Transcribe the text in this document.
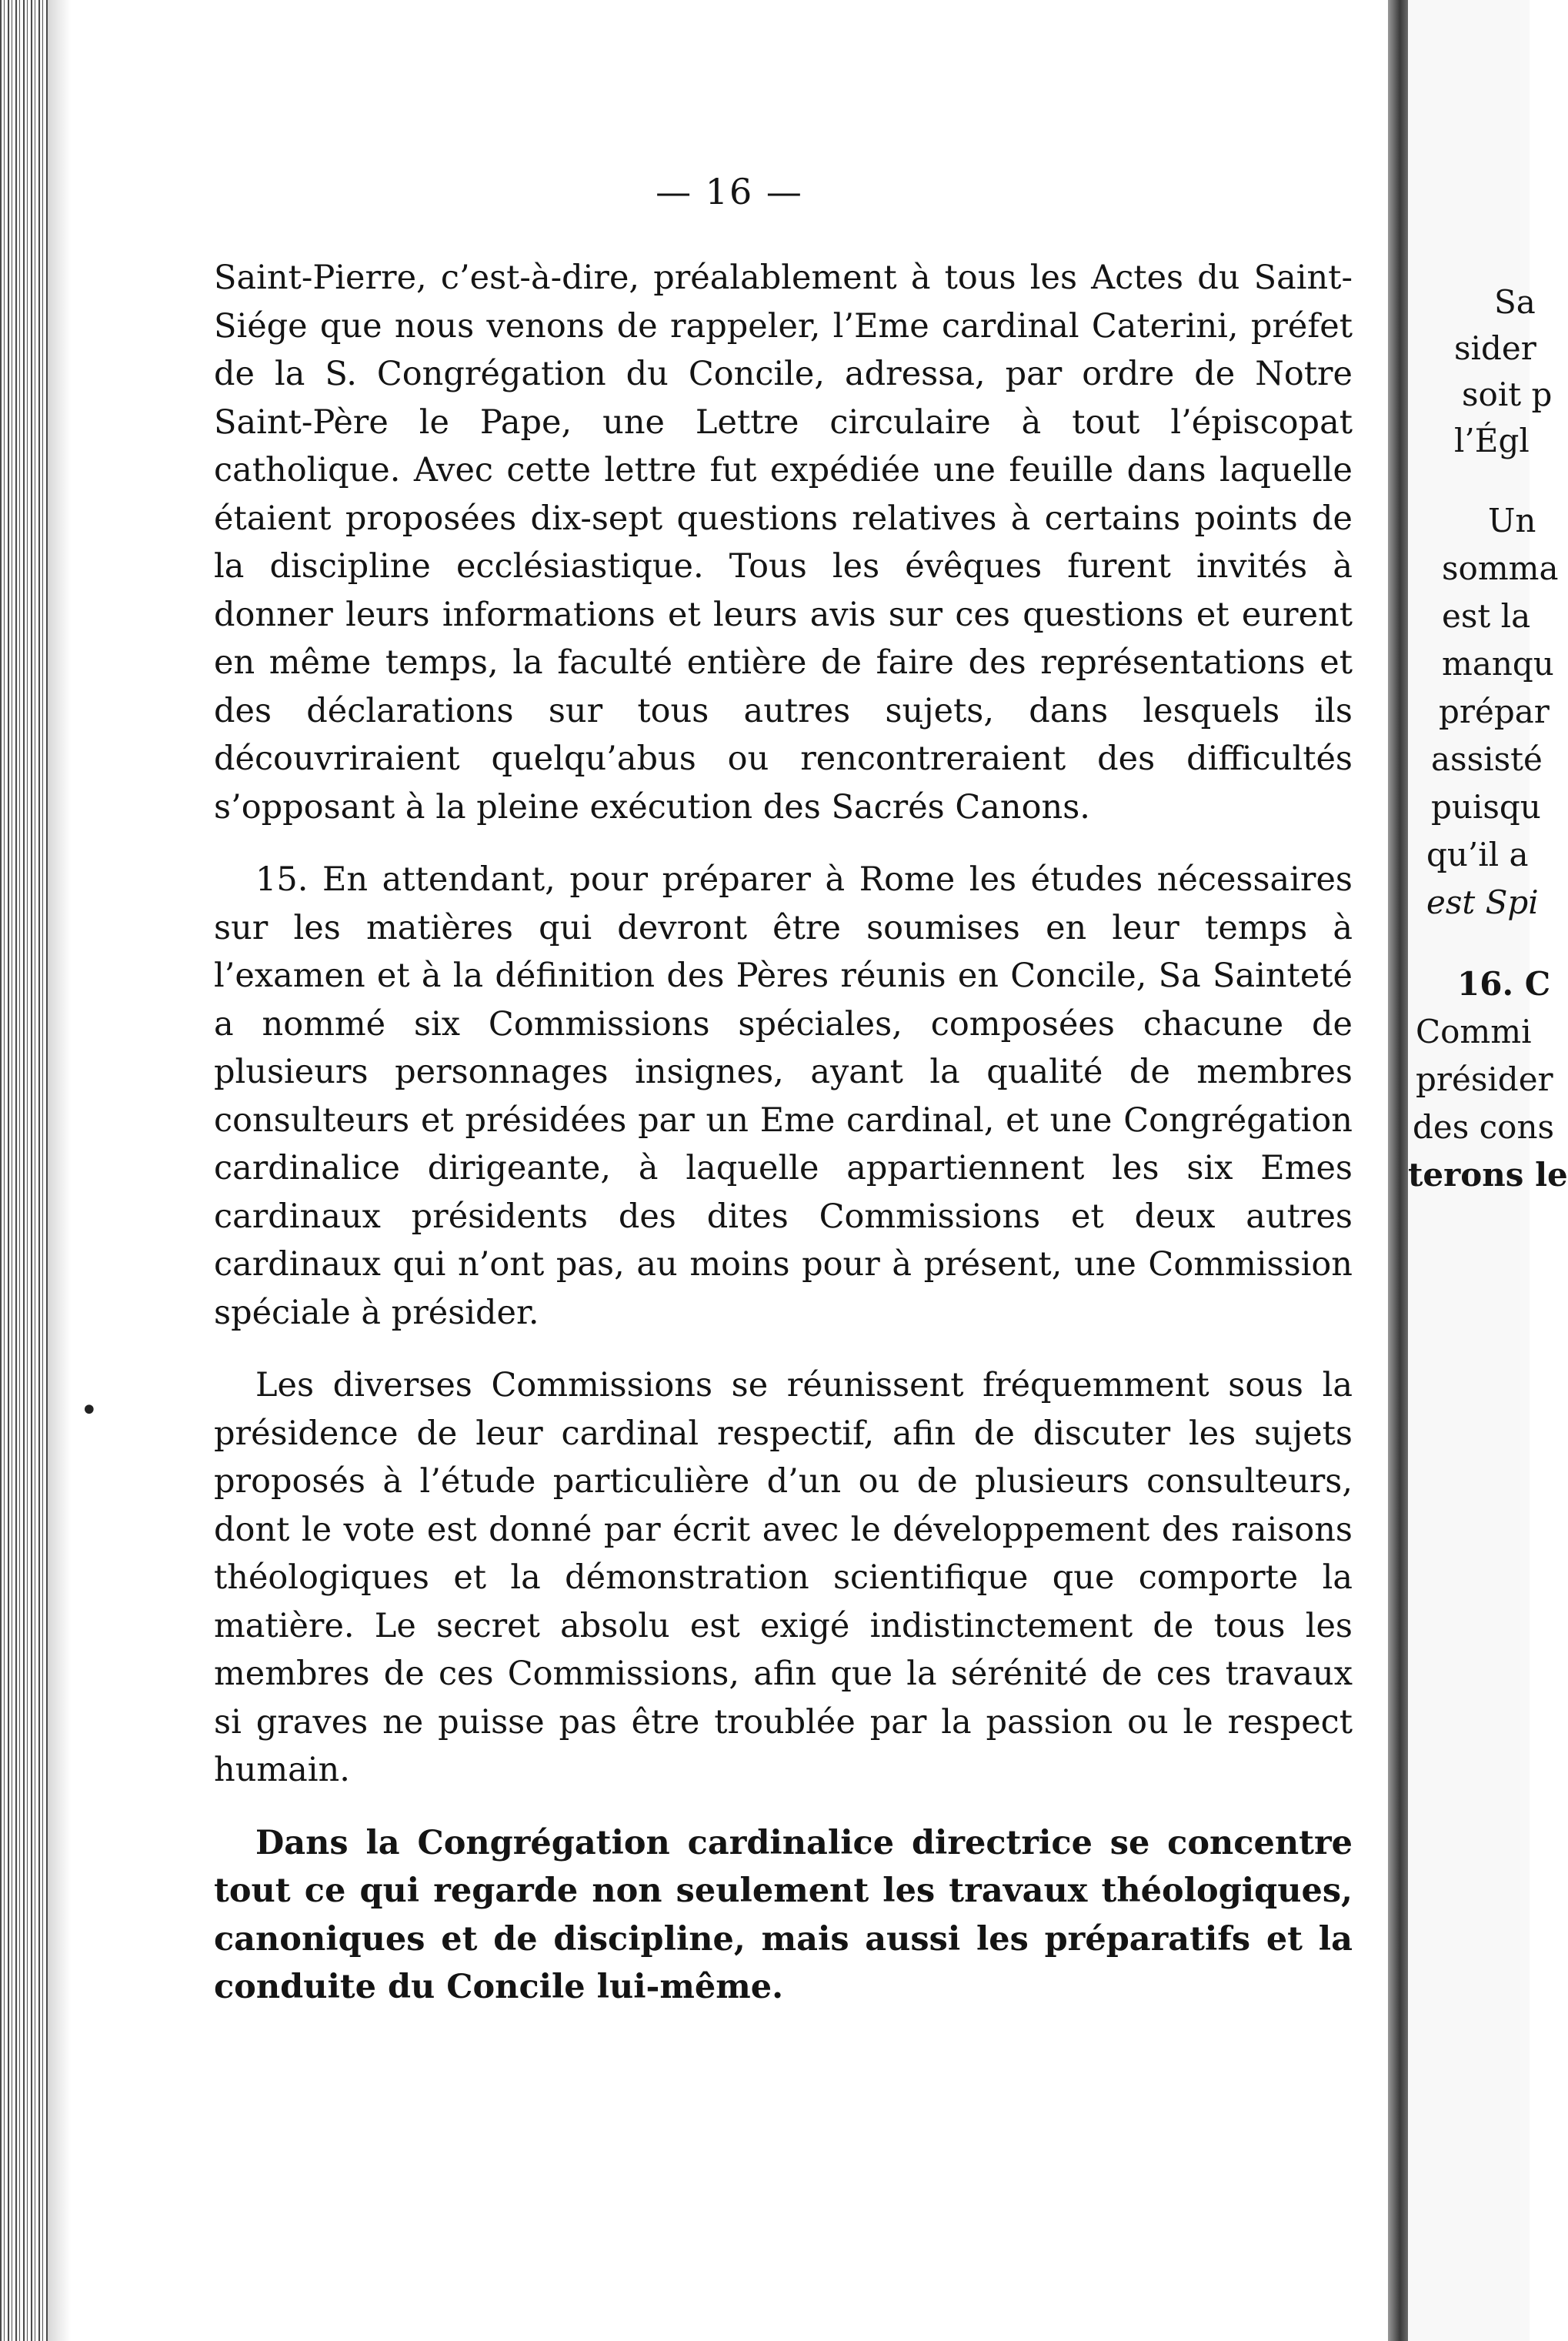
— 16 —

Saint-Pierre, c’est-à-dire, préalablement à tous les Actes du Saint-Siége que nous venons de rappeler, l’Eme cardinal Caterini, préfet de la S. Congrégation du Concile, adressa, par ordre de Notre Saint-Père le Pape, une Lettre circulaire à tout l’épiscopat catholique. Avec cette lettre fut expédiée une feuille dans laquelle étaient proposées dix-sept questions relatives à certains points de la discipline ecclésiastique. Tous les évêques furent invités à donner leurs informations et leurs avis sur ces questions et eurent en même temps, la faculté entière de faire des représentations et des déclarations sur tous autres sujets, dans lesquels ils découvriraient quelqu’abus ou rencontreraient des difficultés s’opposant à la pleine exécution des Sacrés Canons.

15. En attendant, pour préparer à Rome les études nécessaires sur les matières qui devront être soumises en leur temps à l’examen et à la définition des Pères réunis en Concile, Sa Sainteté a nommé six Commissions spéciales, composées chacune de plusieurs personnages insignes, ayant la qualité de membres consulteurs et présidées par un Eme cardinal, et une Congrégation cardinalice dirigeante, à laquelle appartiennent les six Emes cardinaux présidents des dites Commissions et deux autres cardinaux qui n’ont pas, au moins pour à présent, une Commission spéciale à présider.

Les diverses Commissions se réunissent fréquemment sous la présidence de leur cardinal respectif, afin de discuter les sujets proposés à l’étude particulière d’un ou de plusieurs consulteurs, dont le vote est donné par écrit avec le développement des raisons théologiques et la démonstration scientifique que comporte la matière. Le secret absolu est exigé indistinctement de tous les membres de ces Commissions, afin que la sérénité de ces travaux si graves ne puisse pas être troublée par la passion ou le respect humain.

Dans la Congrégation cardinalice directrice se concentre tout ce qui regarde non seulement les travaux théologiques, canoniques et de discipline, mais aussi les préparatifs et la conduite du Concile lui-même.

•
Sa
sider
soit p
l’Égl
Un
somma
est la
manqu
prépar
assisté
puisqu
qu’il a
est Spi
16. C
Commi
présider
des cons
terons le
